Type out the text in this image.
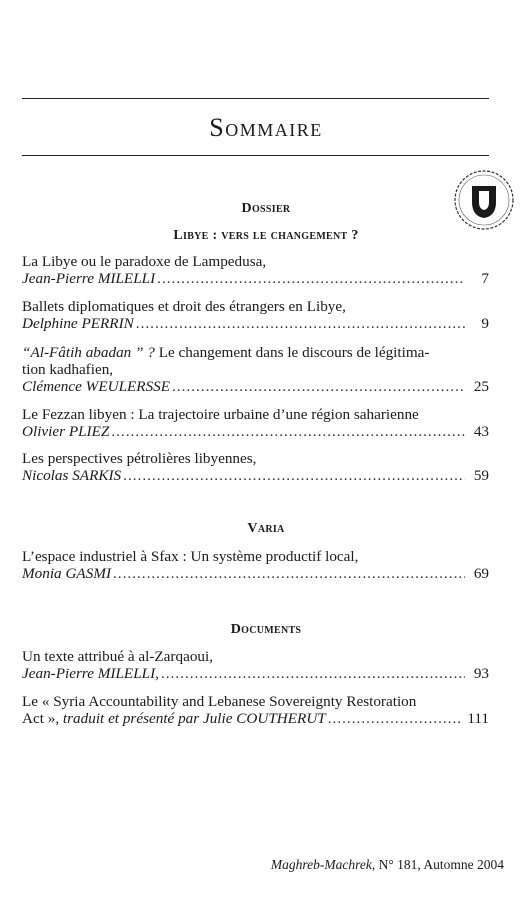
Sommaire
Dossier
Libye : vers le changement ?
La Libye ou le paradoxe de Lampedusa,
Jean-Pierre MILELLI .....	7
Ballets diplomatiques et droit des étrangers en Libye,
Delphine PERRIN .....	9
“Al-Fâtih abadan ” ? Le changement dans le discours de légitima-
tion kadhafien,
Clémence WEULERSSE .....	25
Le Fezzan libyen : La trajectoire urbaine d’une région saharienne
Olivier PLIEZ .....	43
Les perspectives pétrolières libyennes,
Nicolas SARKIS .....	59
Varia
L’espace industriel à Sfax : Un système productif local,
Monia GASMI .....	69
Documents
Un texte attribué à al-Zarqaoui,
Jean-Pierre MILELLI, .....	93
Le « Syria Accountability and Lebanese Sovereignty Restoration
Act », traduit et présenté par Julie COUTHERUT .....	111
Maghreb-Machrek, N° 181, Automne 2004
